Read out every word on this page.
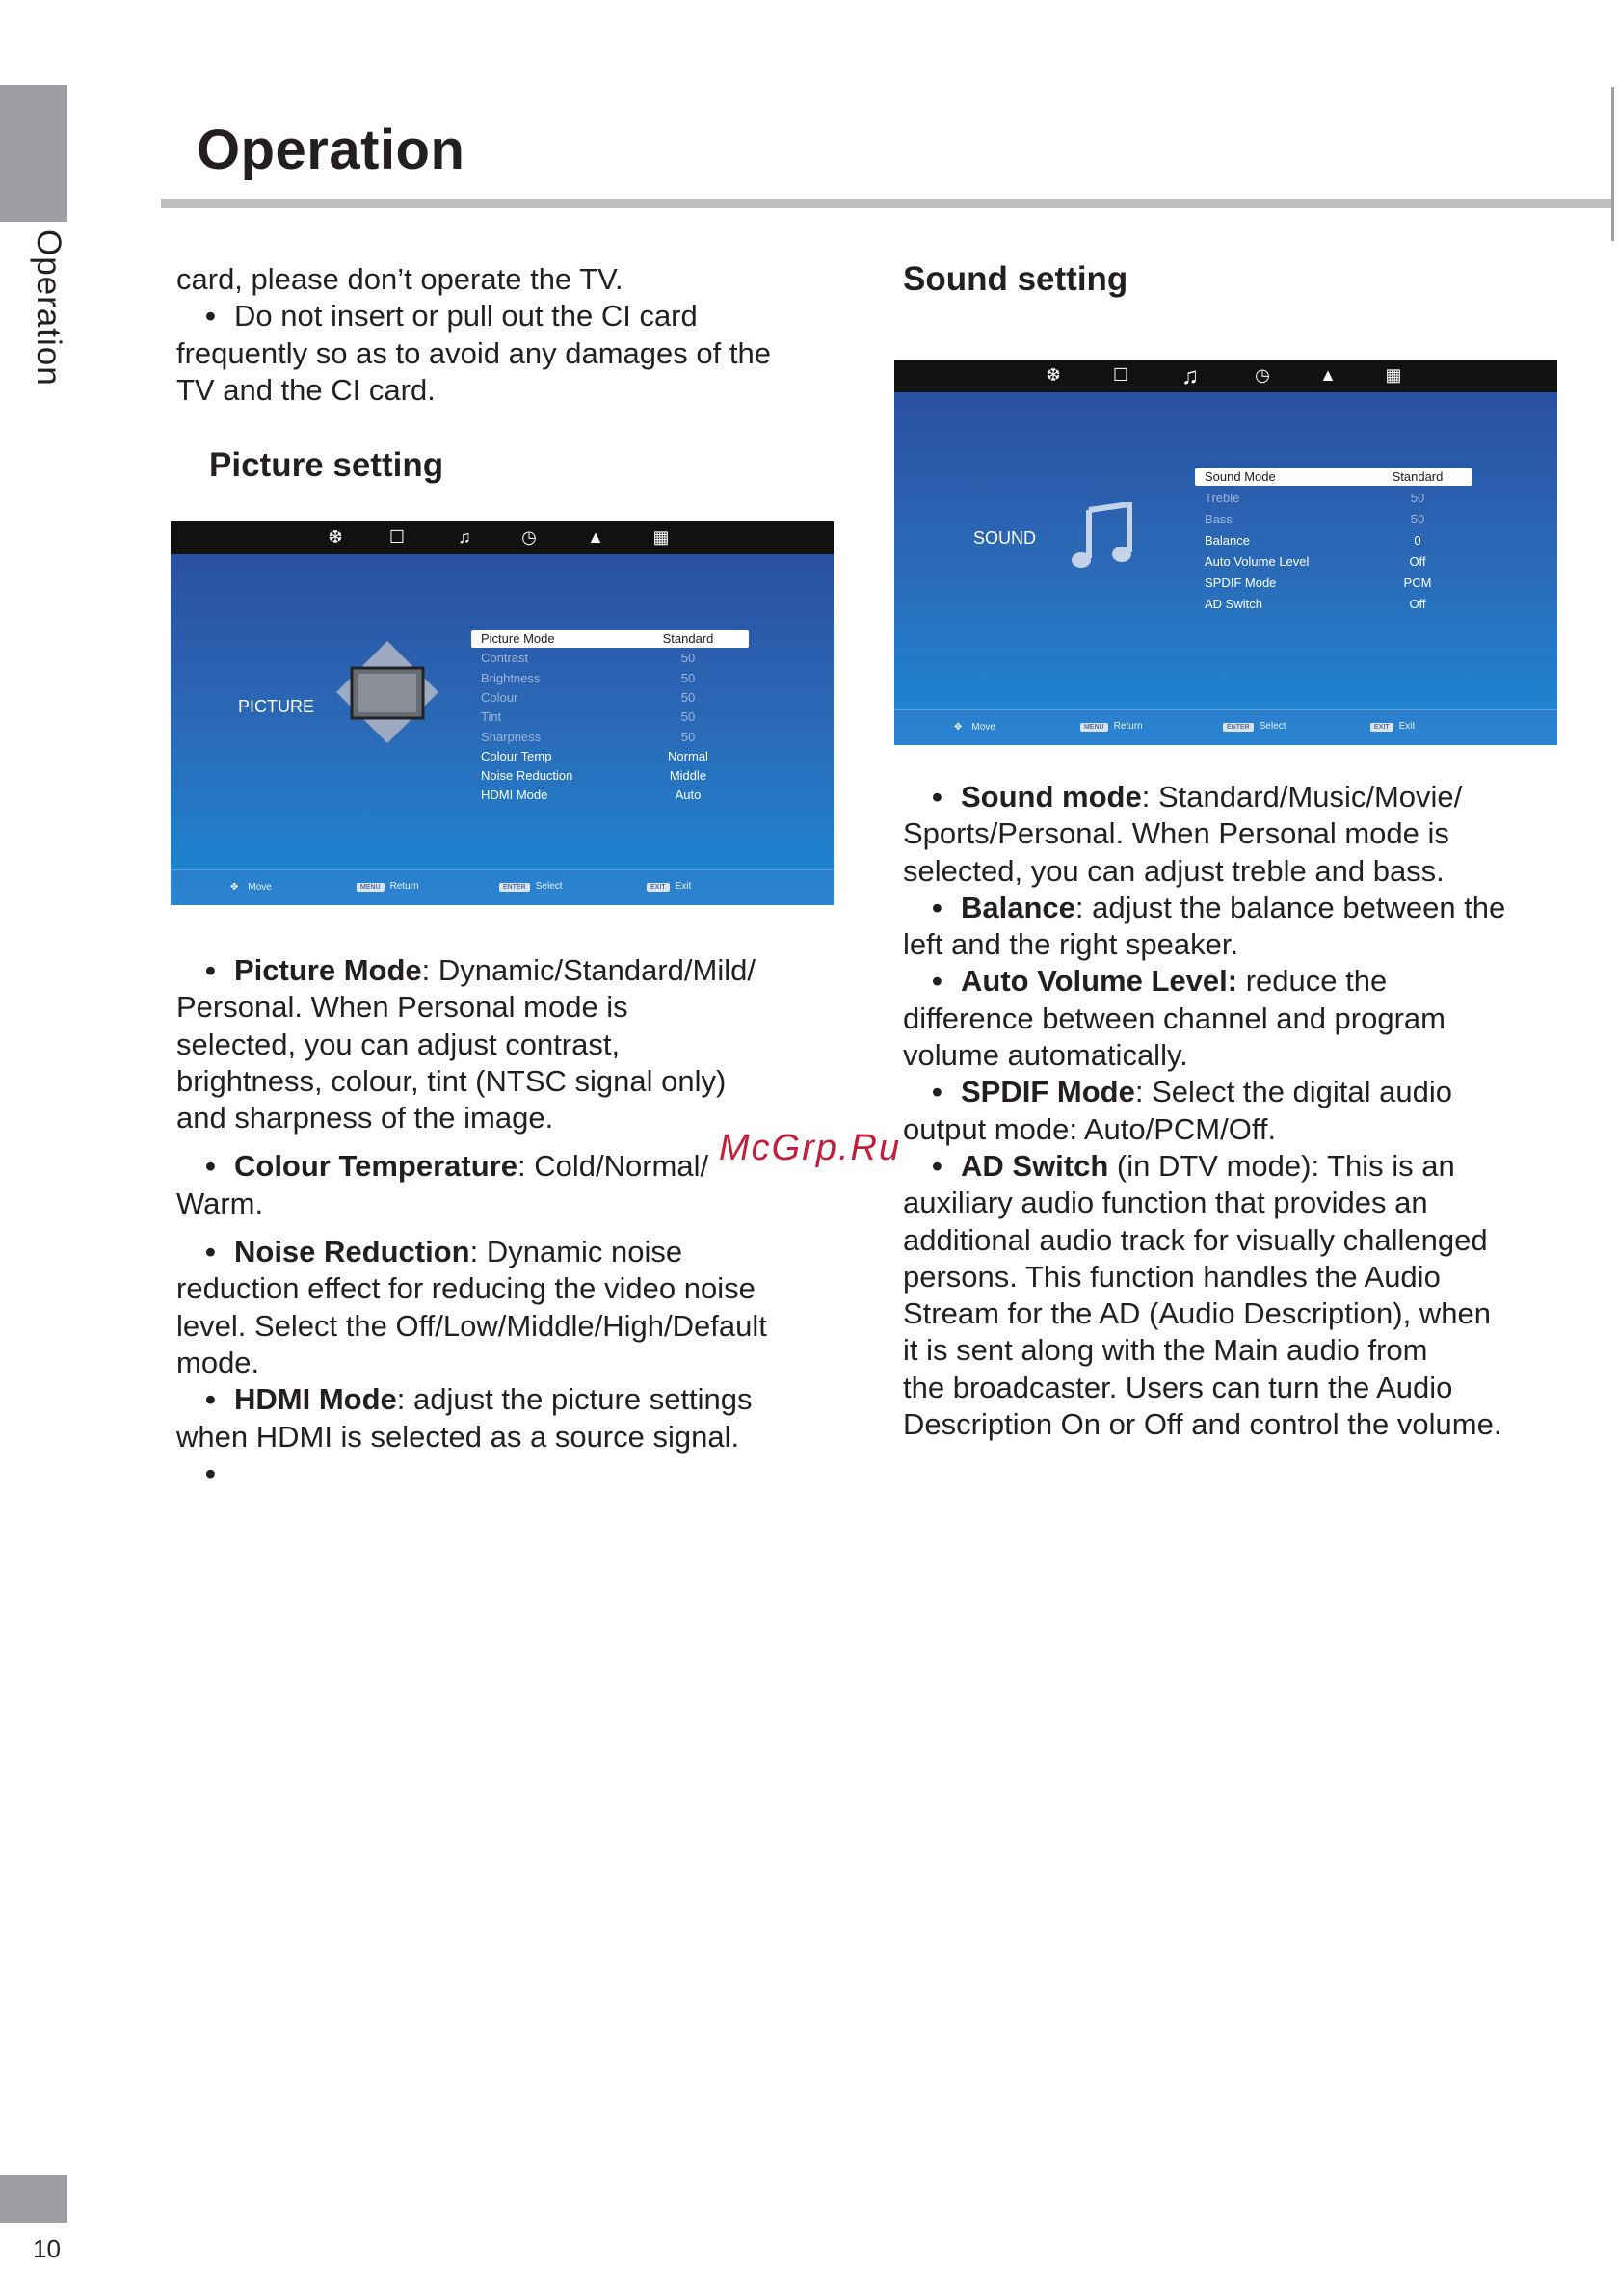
Operation
10
Operation

card, please don’t operate the TV.

• Do not insert or pull out the CI card

frequently so as to avoid any damages of the

TV and the CI card.

Picture setting
❆	☐	♫	◷	▲	▦
PICTURE
Picture Mode	Standard
Contrast	50
Brightness	50
Colour	50
Tint	50
Sharpness	50
Colour Temp	Normal
Noise Reduction	Middle
HDMI Mode	Auto
✥ Move	MENU Return	ENTER Select	EXIT Exit

• Picture Mode: Dynamic/Standard/Mild/

Personal. When Personal mode is

selected, you can adjust contrast,

brightness, colour, tint (NTSC signal only)

and sharpness of the image.

• Colour Temperature: Cold/Normal/

Warm.

• Noise Reduction: Dynamic noise

reduction effect for reducing the video noise

level. Select the Off/Low/Middle/High/Default

mode.

• HDMI Mode: adjust the picture settings

when HDMI is selected as a source signal.

•

McGrp.Ru
Sound setting
❆	☐ ♫	◷	▲	▦
SOUND
Sound Mode	Standard
Treble	50
Bass	50
Balance	0
Auto Volume Level	Off
SPDIF Mode	PCM
AD Switch	Off
✥ Move	MENU Return	ENTER Select	EXIT Exit

• Sound mode: Standard/Music/Movie/

Sports/Personal. When Personal mode is

selected, you can adjust treble and bass.

• Balance: adjust the balance between the

left and the right speaker.

• Auto Volume Level: reduce the

difference between channel and program

volume automatically.

• SPDIF Mode: Select the digital audio

output mode: Auto/PCM/Off.

• AD Switch (in DTV mode): This is an

auxiliary audio function that provides an

additional audio track for visually challenged

persons. This function handles the Audio

Stream for the AD (Audio Description), when

it is sent along with the Main audio from

the broadcaster. Users can turn the Audio

Description On or Off and control the volume.
